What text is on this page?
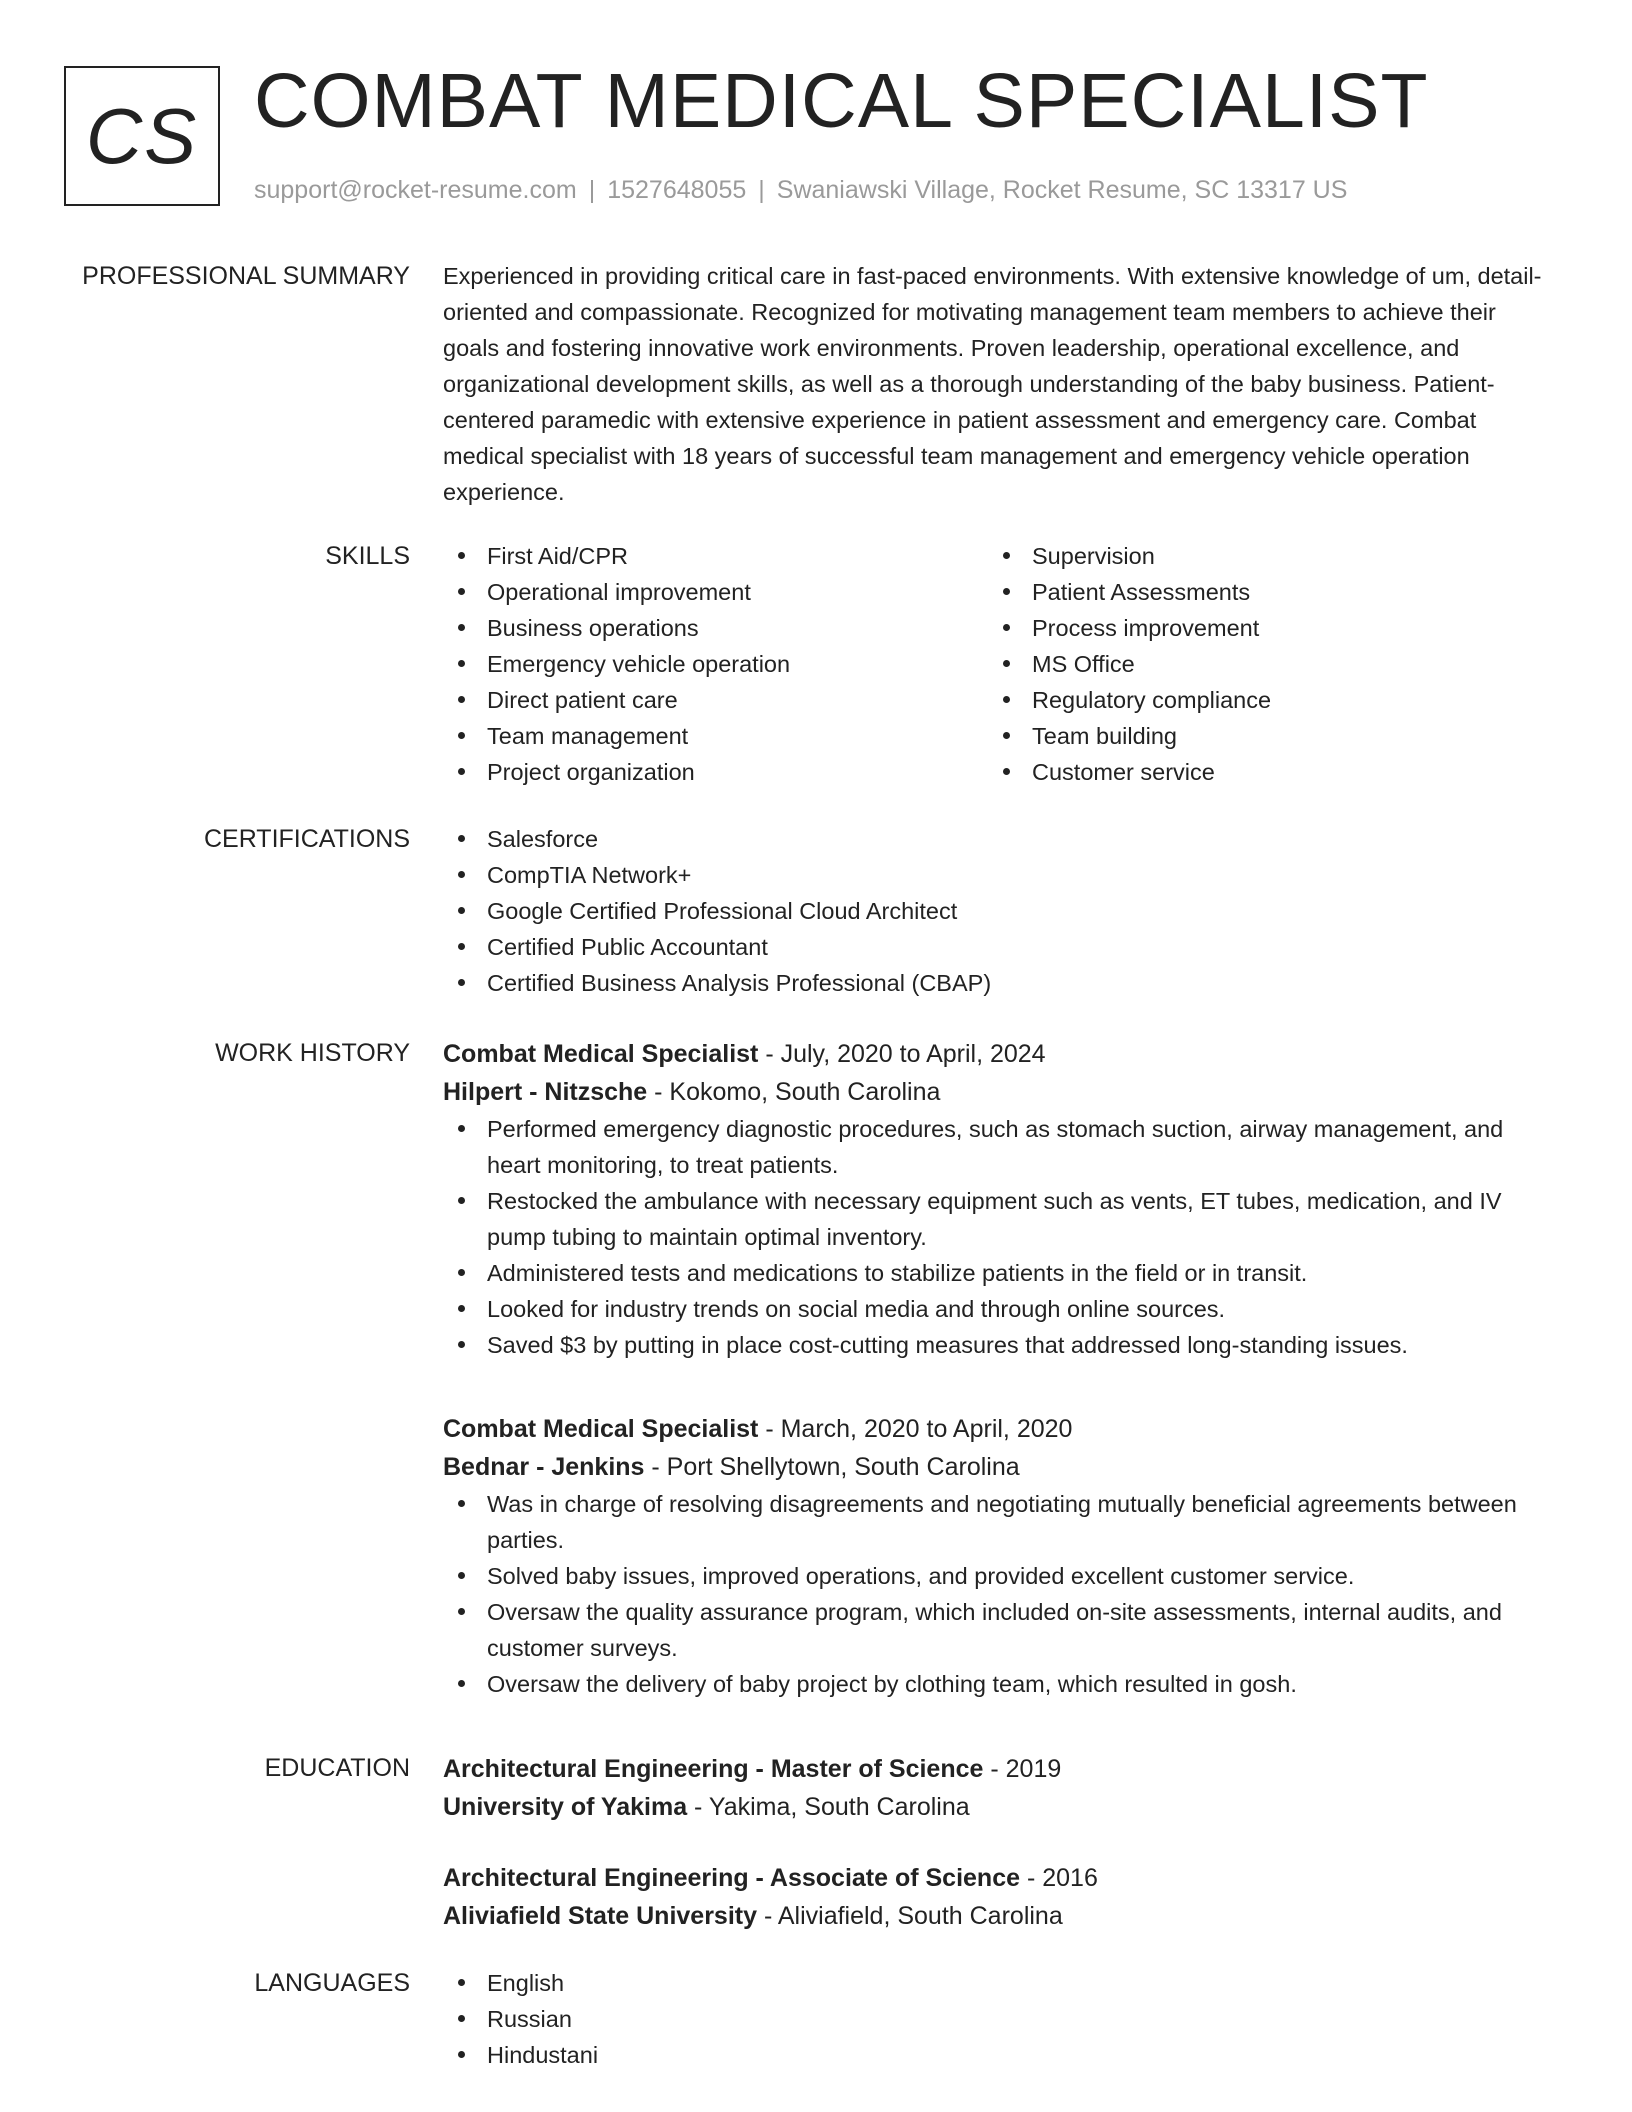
CS COMBAT MEDICAL SPECIALIST
support@rocket-resume.com | 1527648055 | Swaniawski Village, Rocket Resume, SC 13317 US
PROFESSIONAL SUMMARY Experienced in providing critical care in fast-paced environments. With extensive knowledge of um, detail-oriented and compassionate. Recognized for motivating management team members to achieve their goals and fostering innovative work environments. Proven leadership, operational excellence, and organizational development skills, as well as a thorough understanding of the baby business. Patient-centered paramedic with extensive experience in patient assessment and emergency care. Combat medical specialist with 18 years of successful team management and emergency vehicle operation experience.

SKILLS	First Aid/CPR
Operational improvement
Business operations
Emergency vehicle operation
Direct patient care
Team management
Project organization
Supervision
Patient Assessments
Process improvement
MS Office
Regulatory compliance
Team building
Customer service
CERTIFICATIONS	Salesforce
CompTIA Network+
Google Certified Professional Cloud Architect
Certified Public Accountant
Certified Business Analysis Professional (CBAP)
WORK HISTORY Combat Medical Specialist - July, 2020 to April, 2024
Hilpert - Nitzsche - Kokomo, South Carolina
Performed emergency diagnostic procedures, such as stomach suction, airway management, and heart monitoring, to treat patients.
Restocked the ambulance with necessary equipment such as vents, ET tubes, medication, and IV pump tubing to maintain optimal inventory.
Administered tests and medications to stabilize patients in the field or in transit.
Looked for industry trends on social media and through online sources.
Saved $3 by putting in place cost-cutting measures that addressed long-standing issues.
Combat Medical Specialist - March, 2020 to April, 2020
Bednar - Jenkins - Port Shellytown, South Carolina
Was in charge of resolving disagreements and negotiating mutually beneficial agreements between parties.
Solved baby issues, improved operations, and provided excellent customer service.
Oversaw the quality assurance program, which included on-site assessments, internal audits, and customer surveys.
Oversaw the delivery of baby project by clothing team, which resulted in gosh.
EDUCATION Architectural Engineering - Master of Science - 2019
University of Yakima - Yakima, South Carolina
Architectural Engineering - Associate of Science - 2016
Aliviafield State University - Aliviafield, South Carolina
LANGUAGES	English
Russian
Hindustani
